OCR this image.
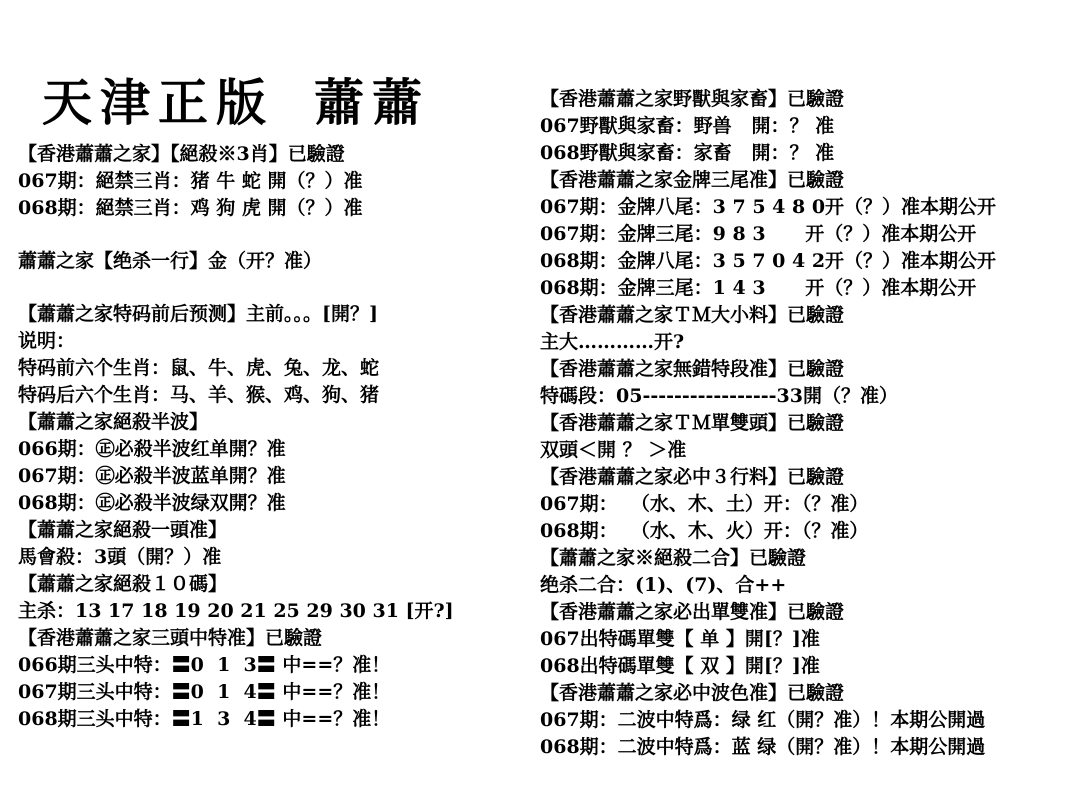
天津正版 蕭蕭
【香港蕭蕭之家】【絕殺※3肖】已驗證
067期：絕禁三肖：猪 牛 蛇 開（？）准
068期：絕禁三肖：鸡 狗 虎 開（？）准
蕭蕭之家【绝杀一行】金（开？准）
【蕭蕭之家特码前后预测】主前。。。[開？]
说明：
特码前六个生肖：鼠、牛、虎、兔、龙、蛇
特码后六个生肖：马、羊、猴、鸡、狗、猪
【蕭蕭之家絕殺半波】
066期：㊣必殺半波红单開？准
067期：㊣必殺半波蓝单開？准
068期：㊣必殺半波绿双開？准
【蕭蕭之家絕殺一頭准】
馬會殺：3頭（開？）准
【蕭蕭之家絕殺１０碼】
主杀：13 17 18 19 20 21 25 29 30 31 [开?]
【香港蕭蕭之家三頭中特准】已驗證
066期三头中特：〓0  1  3〓 中==？准！
067期三头中特：〓0  1  4〓 中==？准！
068期三头中特：〓1  3  4〓 中==？准！
【香港蕭蕭之家野獸與家畜】已驗證
067野獸與家畜：野兽   開：？ 准
068野獸與家畜：家畜   開：？ 准
【香港蕭蕭之家金牌三尾准】已驗證
067期：金牌八尾：3 7 5 4 8 0开（？）准本期公开
067期：金牌三尾：9 8 3      开（？）准本期公开
068期：金牌八尾：3 5 7 0 4 2开（？）准本期公开
068期：金牌三尾：1 4 3      开（？）准本期公开
【香港蕭蕭之家ＴＭ大小料】已驗證
主大…………开?
【香港蕭蕭之家無錯特段准】已驗證
特碼段：05-----------------33開（？准）
【香港蕭蕭之家ＴＭ單雙頭】已驗證
双頭＜開 ？ ＞准
【香港蕭蕭之家必中３行料】已驗證
067期：  （水、木、土）开：（？准）
068期：  （水、木、火）开：（？准）
【蕭蕭之家※絕殺二合】已驗證
绝杀二合：(1)、(7)、合++
【香港蕭蕭之家必出單雙准】已驗證
067出特碼單雙【 单 】開[？]准
068出特碼單雙【 双 】開[？]准
【香港蕭蕭之家必中波色准】已驗證
067期：二波中特爲：绿 红（開？准）！本期公開過
068期：二波中特爲：蓝 绿（開？准）！本期公開過
